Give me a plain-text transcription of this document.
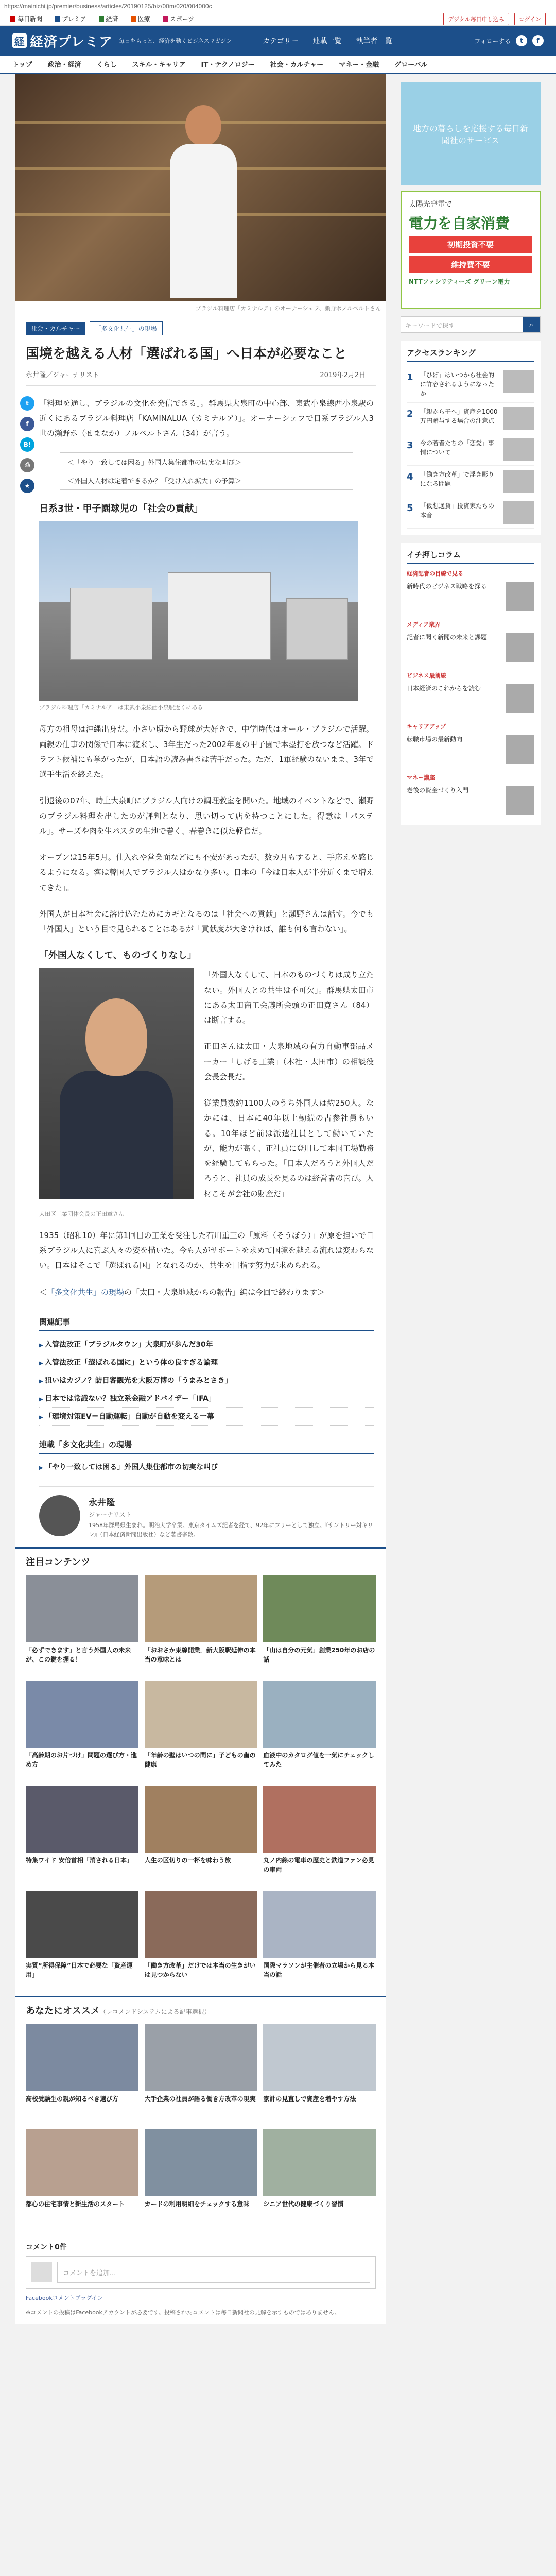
https://mainichi.jp/premier/business/articles/20190125/biz/00m/020/004000c
毎日新聞	プレミア	経済	医療	スポーツ	デジタル毎日申し込み	ログイン
経 経済プレミア 毎日をもっと、経済を動くビジネスマガジン	カテゴリー 連載一覧 執筆者一覧	フォローする	t	f
トップ 政治・経済 くらし スキル・キャリア IT・テクノロジー 社会・カルチャー マネー・金融 グローバル
ブラジル料理店「カミナルア」のオーナーシェフ、瀬野ポノルベルトさん
社会・カルチャー	「多文化共生」の現場
国境を越える人材「選ばれる国」へ日本が必要なこと
永井隆／ジャーナリスト	2019年2月2日
t
f
B!
⎙
★

「料理を通し、ブラジルの文化を発信できる」。群馬県大泉町の中心部、東武小泉線西小泉駅の近くにあるブラジル料理店「KAMINALUA（カミナルア）」。オーナーシェフで日系ブラジル人3世の瀬野ポ（せまなか）ノルベルトさん（34）が言う。

＜「やり一致しては困る」外国人集住都市の切実な叫び＞
＜外国人人材は定着できるか？「受け入れ拡大」の予算＞
日系3世・甲子園球児の「社会の貢献」
ブラジル料理店「カミナルア」は東武小泉線西小泉駅近くにある

母方の祖母は沖縄出身だ。小さい頃から野球が大好きで、中学時代はオール・ブラジルで活躍。両親の仕事の関係で日本に渡来し、3年生だった2002年夏の甲子園で本塁打を放つなど活躍。ドラフト候補にも挙がったが、日本語の読み書きは苦手だった。ただ、1軍経験のないまま、3年で選手生活を終えた。

引退後の07年、時上大泉町にブラジル人向けの調理教室を開いた。地域のイベントなどで、瀬野のブラジル料理を出したのが評判となり、思い切って店を持つことにした。得意は「パステル」。サーズや肉を生パスタの生地で巻く、春巻きに似た軽食だ。

オープンは15年5月。仕入れや営業面などにも不安があったが、数カ月もすると、手応えを感じるようになる。客は韓国人でブラジル人はかなり多い。日本の「今は日本人が半分近くまで増えてきた」。

外国人が日本社会に溶け込むためにカギとなるのは「社会への貢献」と瀬野さんは話す。今でも「外国人」という目で見られることはあるが「貢献度が大きければ、誰も何も言わない」。

「外国人なくして、ものづくりなし」

「外国人なくして、日本のものづくりは成り立たない。外国人との共生は不可欠」。群馬県太田市にある太田商工会議所会頭の正田寛さん（84）は断言する。

正田さんは太田・大泉地域の有力自動車部品メーカー「しげる工業」（本社・太田市）の相談役会長会長だ。

従業員数約1100人のうち外国人は約250人。なかには、日本に40年以上勤続の古参社員もいる。10年ほど前は派遣社員として働いていたが、能力が高く、正社員に登用して本国工場勤務を経験してもらった。「日本人だろうと外国人だろうと、社員の成長を見るのは経営者の喜び。人材こそが会社の財産だ」

大田区工業団体会長の正田章さん

1935（昭和10）年に第1回目の工業を受注した石川重三の「原料（そうぼう）」が原を担いで日系ブラジル人に喜ぶ人々の姿を描いた。今も人がサポートを求めて国境を越える流れは変わらない。日本はそこで「選ばれる国」となれるのか、共生を目指す努力が求められる。

＜「多文化共生」の現場の「太田・大泉地域からの報告」編は今回で終わります＞

関連記事
▶ 入管法改正「ブラジルタウン」大泉町が歩んだ30年
▶ 入管法改正「選ばれる国に」という体の良すぎる論理
▶ 狙いはカジノ？訪日客観光を大阪万博の「うまみとさき」
▶ 日本では常識ない？独立系金融アドバイザー「IFA」
▶ 「環境対策EV＝自動運転」自動が自動を変える一幕
連載「多文化共生」の現場
▶ 「やり一致しては困る」外国人集住都市の切実な叫び
永井隆
ジャーナリスト
1958年群馬県生まれ。明治大学卒業。東京タイムズ記者を経て、92年にフリーとして独立。『サントリー対キリン』（日本経済新聞出版社）など著書多数。
注目コンテンツ
「必ずできます」と言う外国人の未来が、この鍵を握る！
「おおさか東線開業」新大阪駅延伸の本当の意味とは
「山は自分の元気」創業250年のお店の話
「高齢期のお片づけ」問題の選び方・進め方
「年齢の壁はいつの間に」子どもの歯の健康
血液中のカタログ値を一気にチェックしてみた
特集ワイド 安倍首相「消される日本」	人生の区切りの一杯を味わう旅	丸ノ内線の電車の歴史と鉄道ファン必見の車両
実質“所得保障”日本で必要な「資産運用」
「働き方改革」だけでは本当の生きがいは見つからない
国際マラソンが主催者の立場から見る本当の話
あなたにオススメ（レコメンドシステムによる記事選択）
高校受験生の親が知るべき選び方	大手企業の社員が語る働き方改革の現実 家計の見直しで資産を増やす方法
都心の住宅事情と新生活のスタート	カードの利用明細をチェックする意味	シニア世代の健康づくり習慣
コメント0件
コメントを追加...
Facebookコメントプラグイン
※コメントの投稿はFacebookアカウントが必要です。投稿されたコメントは毎日新聞社の見解を示すものではありません。
地方の暮らしを応援する毎日新聞社のサービス
太陽光発電で
電力を自家消費
初期投資不要
維持費不要
NTTファシリティーズ グリーン電力
キーワードで探す	⌕
アクセスランキング
1	「ひげ」はいつから社会的に許容されるようになったか
2	「親から子へ」資産を1000万円贈与する場合の注意点
3	今の若者たちの「恋愛」事情について
4	「働き方改革」で浮き彫りになる問題
5	「仮想通貨」投資家たちの本音
イチ押しコラム
経済記者の目線で見る
新時代のビジネス戦略を探る
メディア業界
記者に聞く新聞の未来と課題
ビジネス最前線
日本経済のこれからを読む
キャリアアップ
転職市場の最新動向
マネー講座
老後の資金づくり入門
